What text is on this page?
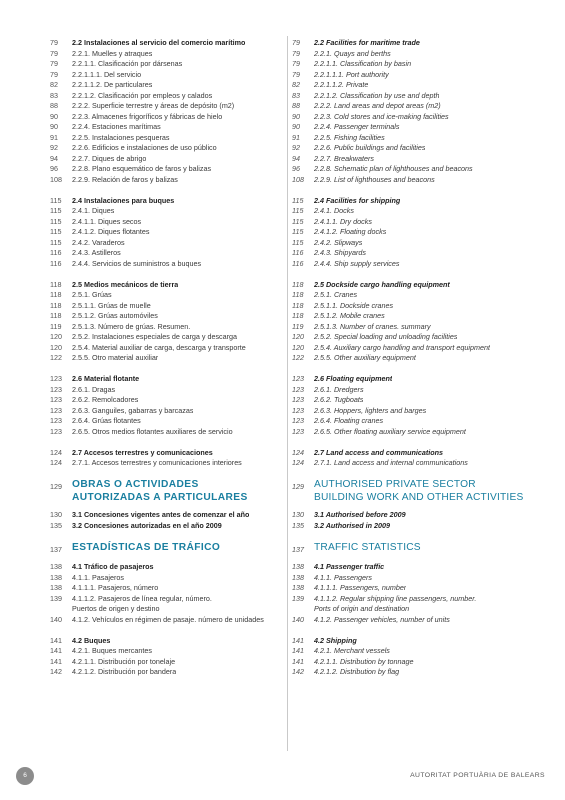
79	2.2 Instalaciones al servicio del comercio marítimo
79	2.2.1. Muelles y atraques
79	2.2.1.1. Clasificación por dársenas
79	2.2.1.1.1. Del servicio
82	2.2.1.1.2. De particulares
83	2.2.1.2. Clasificación por empleos y calados
88	2.2.2. Superficie terrestre y áreas de depósito (m2)
90	2.2.3. Almacenes frigoríficos y fábricas de hielo
90	2.2.4. Estaciones marítimas
91	2.2.5. Instalaciones pesqueras
92	2.2.6. Edificios e instalaciones de uso público
94	2.2.7. Diques de abrigo
96	2.2.8. Plano esquemático de faros y balizas
108	2.2.9. Relación de faros y balizas
115	2.4 Instalaciones para buques
115	2.4.1. Diques
115	2.4.1.1. Diques secos
115	2.4.1.2. Diques flotantes
115	2.4.2. Varaderos
116	2.4.3. Astilleros
116	2.4.4. Servicios de suministros a buques
118	2.5 Medios mecánicos de tierra
118	2.5.1. Grúas
118	2.5.1.1. Grúas de muelle
118	2.5.1.2. Grúas automóviles
119	2.5.1.3. Número de grúas. Resumen.
120	2.5.2. Instalaciones especiales de carga y descarga
120	2.5.4. Material auxiliar de carga, descarga y transporte
122	2.5.5. Otro material auxiliar
123	2.6 Material flotante
123	2.6.1. Dragas
123	2.6.2. Remolcadores
123	2.6.3. Ganguiles, gabarras y barcazas
123	2.6.4. Grúas flotantes
123	2.6.5. Otros medios flotantes auxiliares de servicio
124	2.7 Accesos terrestres y comunicaciones
124	2.7.1. Accesos terrestres y comunicaciones interiores
129 OBRAS O ACTIVIDADES
AUTORIZADAS A PARTICULARES
130	3.1 Concesiones vigentes antes de comenzar el año
135	3.2 Concesiones autorizadas en el año 2009
137 ESTADÍSTICAS DE TRÁFICO
138	4.1 Tráfico de pasajeros
138	4.1.1. Pasajeros
138	4.1.1.1. Pasajeros, número
139	4.1.1.2. Pasajeros de línea regular, número.
Puertos de origen y destino
140	4.1.2. Vehículos en régimen de pasaje. número de unidades
141	4.2 Buques
141	4.2.1. Buques mercantes
141	4.2.1.1. Distribución por tonelaje
142	4.2.1.2. Distribución por bandera
79	2.2 Facilities for maritime trade
79	2.2.1. Quays and berths
79	2.2.1.1. Classification by basin
79	2.2.1.1.1. Port authority
82	2.2.1.1.2. Private
83	2.2.1.2. Classification by use and depth
88	2.2.2. Land areas and depot areas (m2)
90	2.2.3. Cold stores and ice-making facilities
90	2.2.4. Passenger terminals
91	2.2.5. Fishing facilities
92	2.2.6. Public buildings and facilities
94	2.2.7. Breakwaters
96	2.2.8. Schematic plan of lighthouses and beacons
108	2.2.9. List of lighthouses and beacons
115	2.4 Facilities for shipping
115	2.4.1. Docks
115	2.4.1.1. Dry docks
115	2.4.1.2. Floating docks
115	2.4.2. Slipways
116	2.4.3. Shipyards
116	2.4.4. Ship supply services
118	2.5 Dockside cargo handling equipment
118	2.5.1. Cranes
118	2.5.1.1. Dockside cranes
118	2.5.1.2. Mobile cranes
119	2.5.1.3. Number of cranes. summary
120	2.5.2. Special loading and unloading facilities
120	2.5.4. Auxiliary cargo handling and transport equipment
122	2.5.5. Other auxiliary equipment
123	2.6 Floating equipment
123	2.6.1. Dredgers
123	2.6.2. Tugboats
123	2.6.3. Hoppers, lighters and barges
123	2.6.4. Floating cranes
123	2.6.5. Other floating auxiliary service equipment
124	2.7 Land access and communications
124	2.7.1. Land access and internal communications
129 AUTHORISED PRIVATE SECTOR
BUILDING WORK AND OTHER ACTIVITIES
130	3.1 Authorised before 2009
135	3.2 Authorised in 2009
137 TRAFFIC STATISTICS
138	4.1 Passenger traffic
138	4.1.1. Passengers
138	4.1.1.1. Passengers, number
139	4.1.1.2. Regular shipping line passengers, number.
Ports of origin and destination
140	4.1.2. Passenger vehicles, number of units
141	4.2 Shipping
141	4.2.1. Merchant vessels
141	4.2.1.1. Distribution by tonnage
142	4.2.1.2. Distribution by flag
6	AUTORITAT PORTUÀRIA DE BALEARS
